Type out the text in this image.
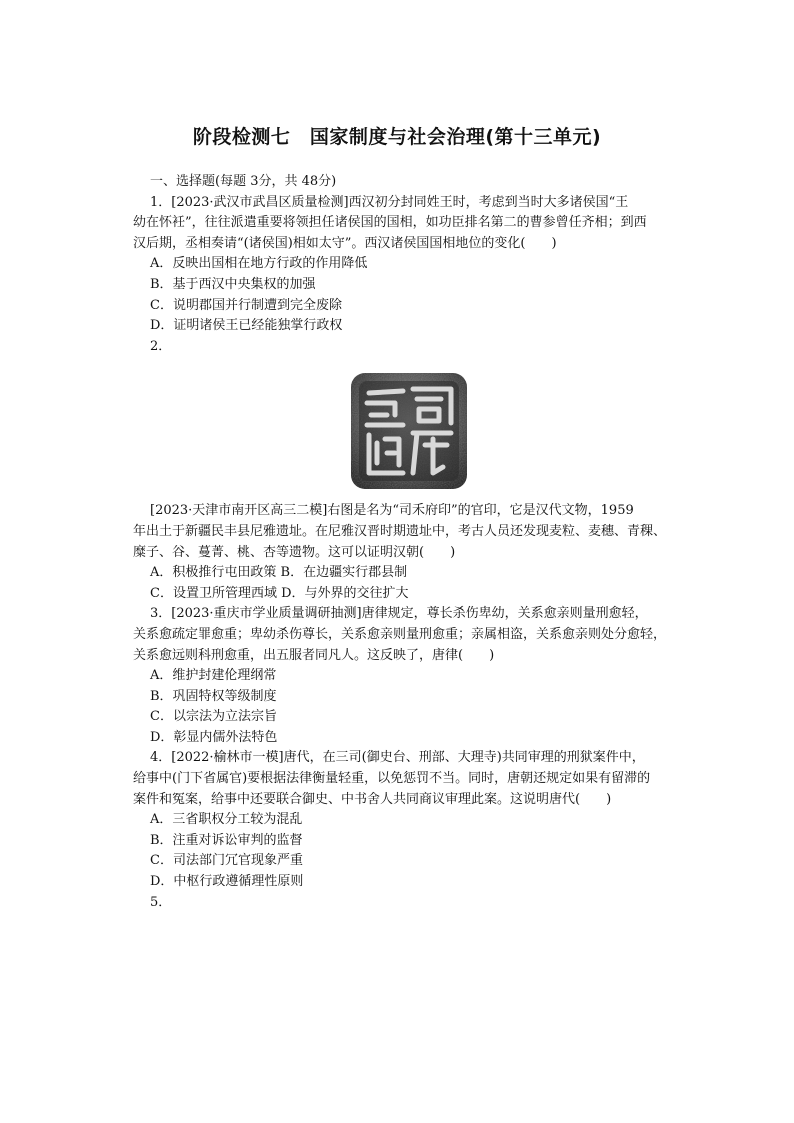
阶段检测七　国家制度与社会治理(第十三单元)
一、选择题(每题 3分，共 48分)
1．[2023·武汉市武昌区质量检测]西汉初分封同姓王时，考虑到当时大多诸侯国“王
幼在怀衽”，往往派遣重要将领担任诸侯国的国相，如功臣排名第二的曹参曾任齐相；到西
汉后期，丞相奏请“(诸侯国)相如太守”。西汉诸侯国国相地位的变化(　　)
A．反映出国相在地方行政的作用降低
B．基于西汉中央集权的加强
C．说明郡国并行制遭到完全废除
D．证明诸侯王已经能独掌行政权
2．
[2023·天津市南开区高三二模]右图是名为“司禾府印”的官印，它是汉代文物，1959
年出土于新疆民丰县尼雅遗址。在尼雅汉晋时期遗址中，考古人员还发现麦粒、麦穗、青稞、
糜子、谷、蔓菁、桃、杏等遗物。这可以证明汉朝(　　)
A．积极推行屯田政策 B．在边疆实行郡县制
C．设置卫所管理西域 D．与外界的交往扩大
3．[2023·重庆市学业质量调研抽测]唐律规定，尊长杀伤卑幼，关系愈亲则量刑愈轻，
关系愈疏定罪愈重；卑幼杀伤尊长，关系愈亲则量刑愈重；亲属相盗，关系愈亲则处分愈轻，
关系愈远则科刑愈重，出五服者同凡人。这反映了，唐律(　　)
A．维护封建伦理纲常
B．巩固特权等级制度
C．以宗法为立法宗旨
D．彰显内儒外法特色
4．[2022·榆林市一模]唐代，在三司(御史台、刑部、大理寺)共同审理的刑狱案件中，
给事中(门下省属官)要根据法律衡量轻重，以免惩罚不当。同时，唐朝还规定如果有留滞的
案件和冤案，给事中还要联合御史、中书舍人共同商议审理此案。这说明唐代(　　)
A．三省职权分工较为混乱
B．注重对诉讼审判的监督
C．司法部门冗官现象严重
D．中枢行政遵循理性原则
5．
